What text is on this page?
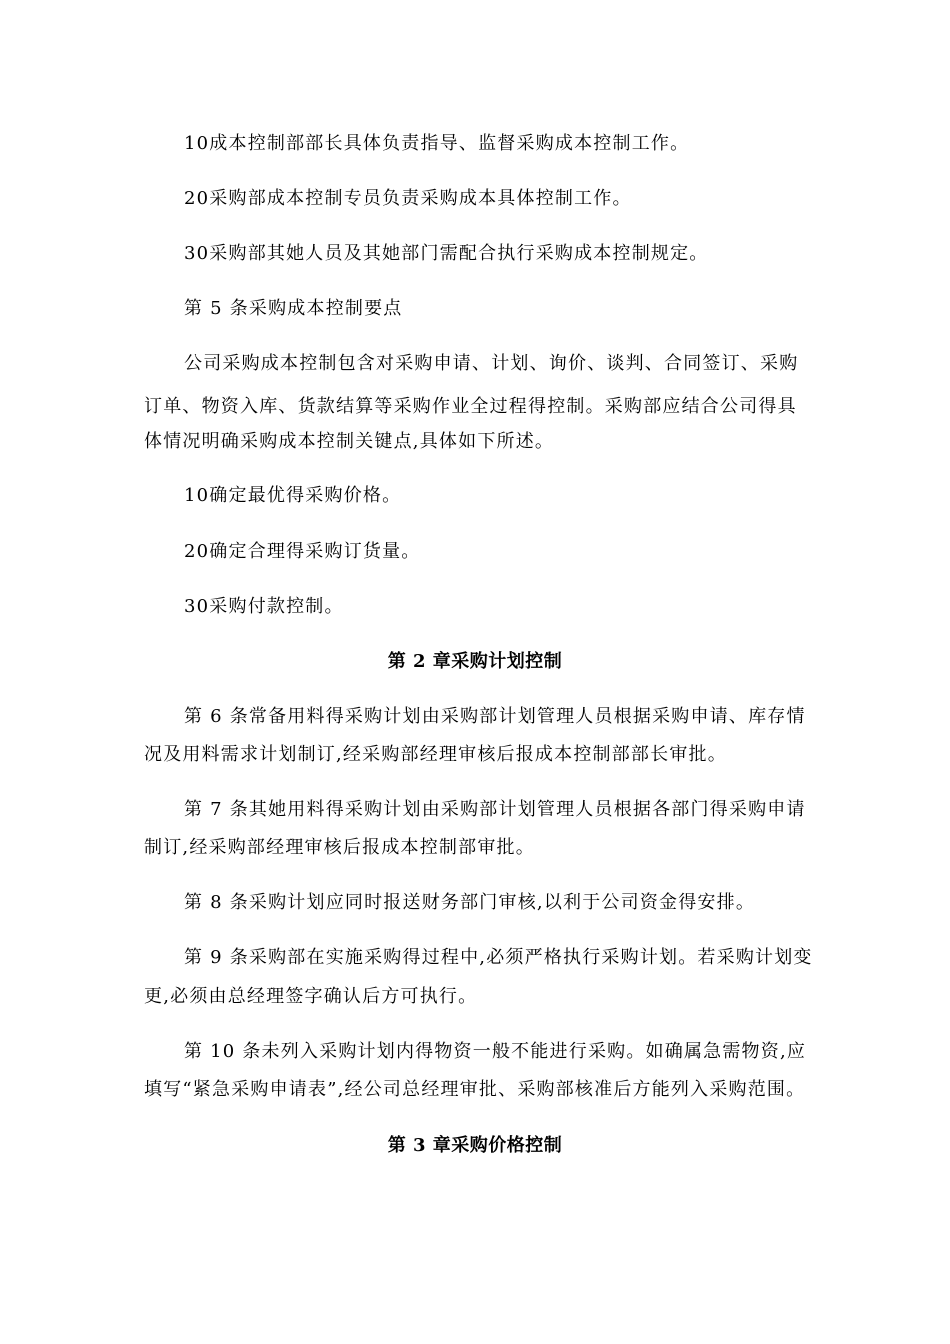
10成本控制部部长具体负责指导、监督采购成本控制工作。
20采购部成本控制专员负责采购成本具体控制工作。
30采购部其她人员及其她部门需配合执行采购成本控制规定。
第 5 条采购成本控制要点
公司采购成本控制包含对采购申请、计划、询价、谈判、合同签订、采购
订单、物资入库、货款结算等采购作业全过程得控制。采购部应结合公司得具
体情况明确采购成本控制关键点,具体如下所述。
10确定最优得采购价格。
20确定合理得采购订货量。
30采购付款控制。
第 2 章采购计划控制
第 6 条常备用料得采购计划由采购部计划管理人员根据采购申请、库存情
况及用料需求计划制订,经采购部经理审核后报成本控制部部长审批。
第 7 条其她用料得采购计划由采购部计划管理人员根据各部门得采购申请
制订,经采购部经理审核后报成本控制部审批。
第 8 条采购计划应同时报送财务部门审核,以利于公司资金得安排。
第 9 条采购部在实施采购得过程中,必须严格执行采购计划。若采购计划变
更,必须由总经理签字确认后方可执行。
第 10 条未列入采购计划内得物资一般不能进行采购。如确属急需物资,应
填写“紧急采购申请表”,经公司总经理审批、采购部核准后方能列入采购范围。
第 3 章采购价格控制
